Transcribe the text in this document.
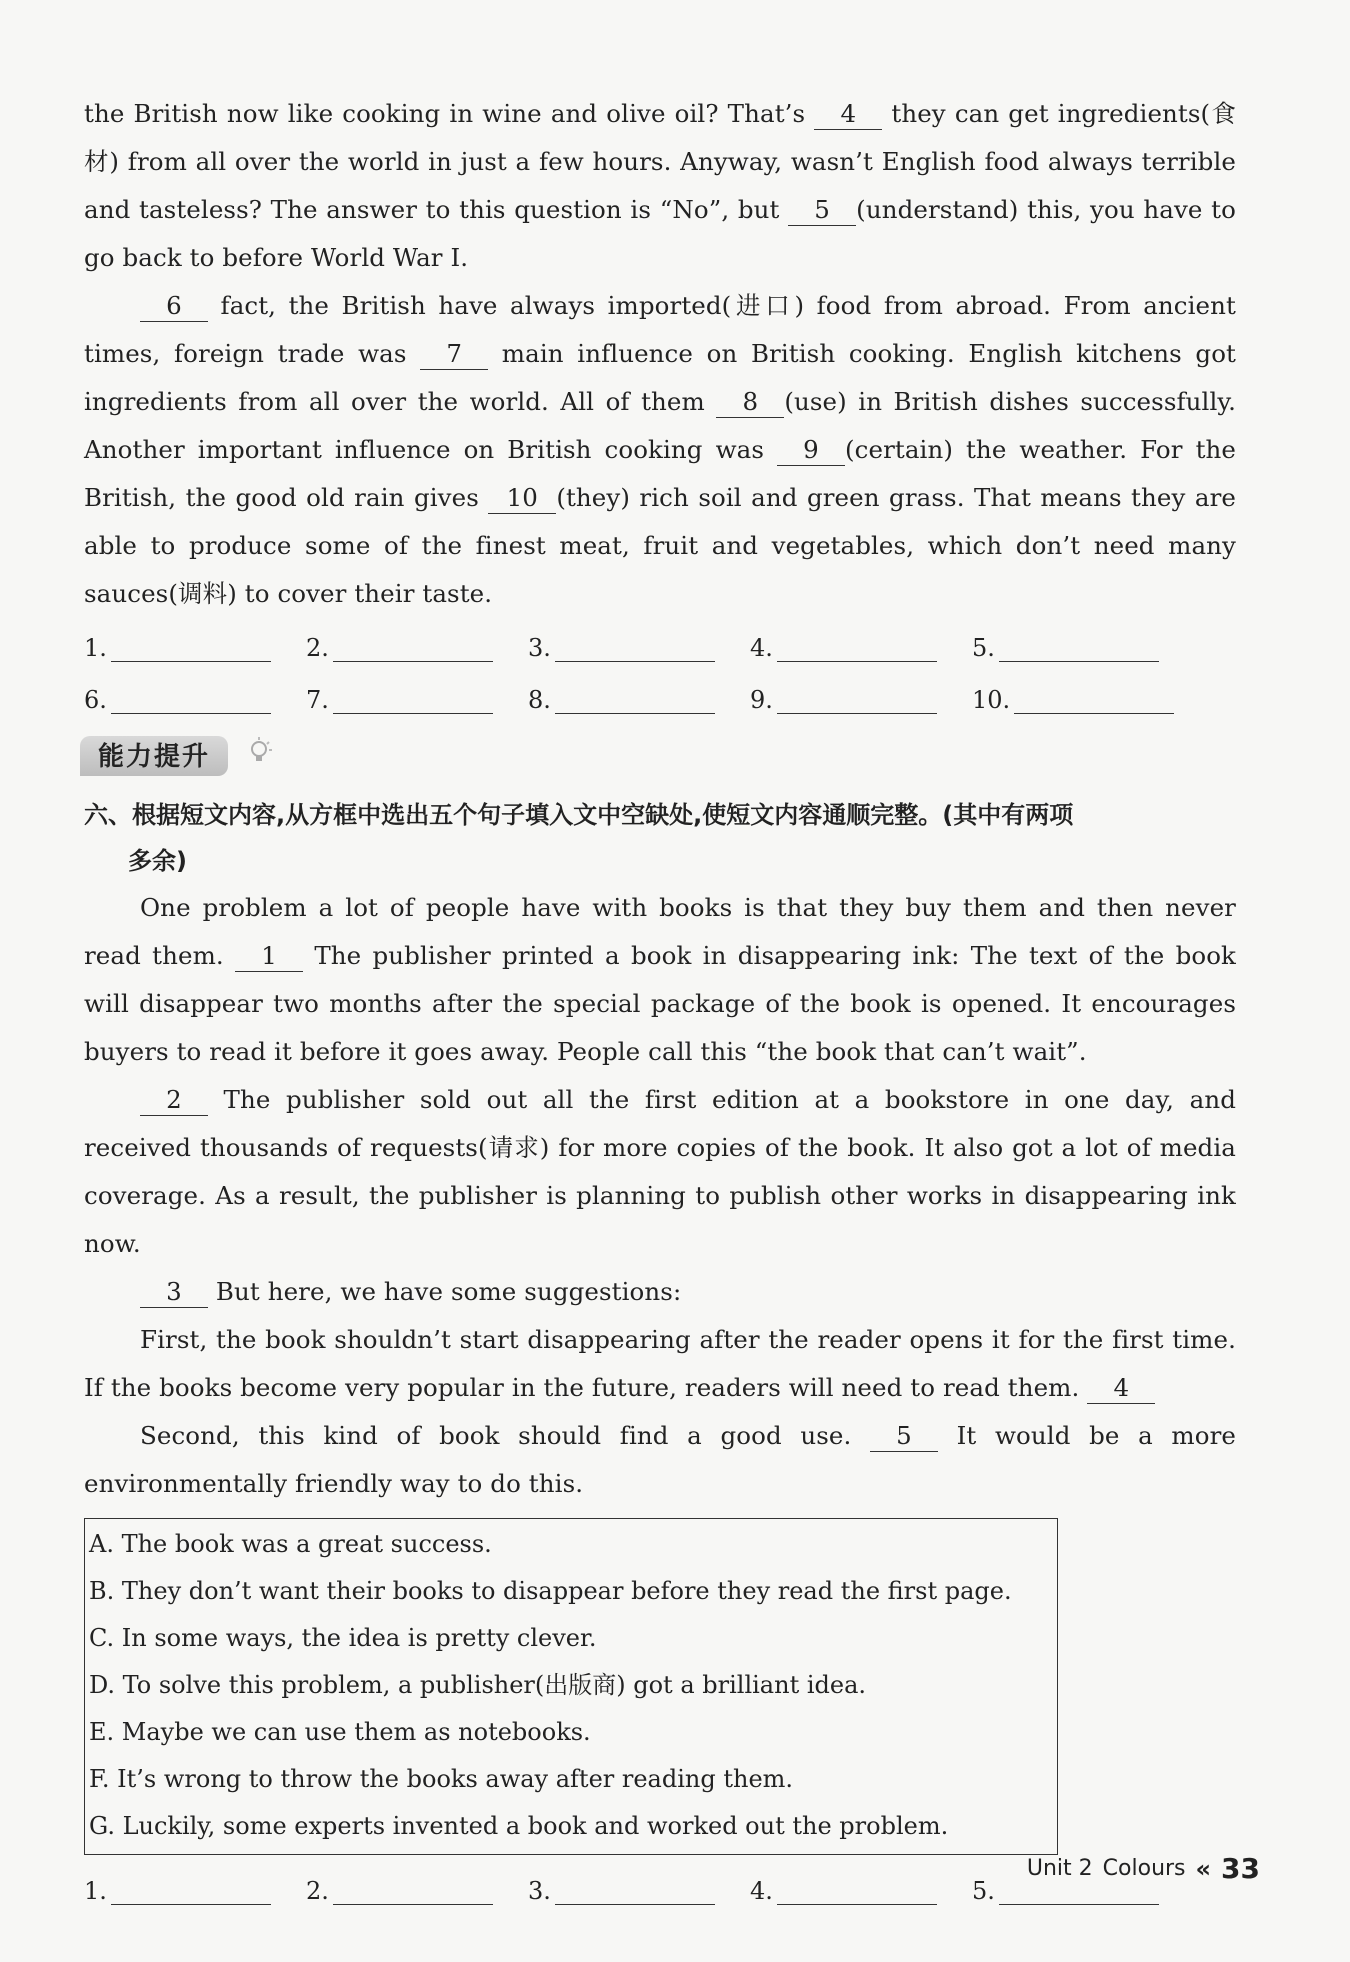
the British now like cooking in wine and olive oil? That’s 4 they can get ingredients(食材) from all over the world in just a few hours. Anyway, wasn’t English food always terrible and tasteless? The answer to this question is “No”, but 5 (understand) this, you have to go back to before World War Ⅰ.

6 fact, the British have always imported(进口) food from abroad. From ancient times, foreign trade was 7 main influence on British cooking. English kitchens got ingredients from all over the world. All of them 8 (use) in British dishes successfully. Another important influence on British cooking was 9 (certain) the weather. For the British, the good old rain gives 10 (they) rich soil and green grass. That means they are able to produce some of the finest meat, fruit and vegetables, which don’t need many sauces(调料) to cover their taste.

1.	2.	3.	4.	5.
6.	7.	8.	9.	10.
能力提升

六、根据短文内容,从方框中选出五个句子填入文中空缺处,使短文内容通顺完整。(其中有两项
多余)

One problem a lot of people have with books is that they buy them and then never read them. 1 The publisher printed a book in disappearing ink: The text of the book will disappear two months after the special package of the book is opened. It encourages buyers to read it before it goes away. People call this “the book that can’t wait”.

2 The publisher sold out all the first edition at a bookstore in one day, and received thousands of requests(请求) for more copies of the book. It also got a lot of media coverage. As a result, the publisher is planning to publish other works in disappearing ink now.

3 But here, we have some suggestions:

First, the book shouldn’t start disappearing after the reader opens it for the first time. If the books become very popular in the future, readers will need to read them. 4

Second, this kind of book should find a good use. 5 It would be a more environmentally friendly way to do this.

A. The book was a great success.

B. They don’t want their books to disappear before they read the first page.

C. In some ways, the idea is pretty clever.

D. To solve this problem, a publisher(出版商) got a brilliant idea.

E. Maybe we can use them as notebooks.

F. It’s wrong to throw the books away after reading them.

G. Luckily, some experts invented a book and worked out the problem.

1.	2.	3.	4.	5.
Unit 2 Colours « 33
